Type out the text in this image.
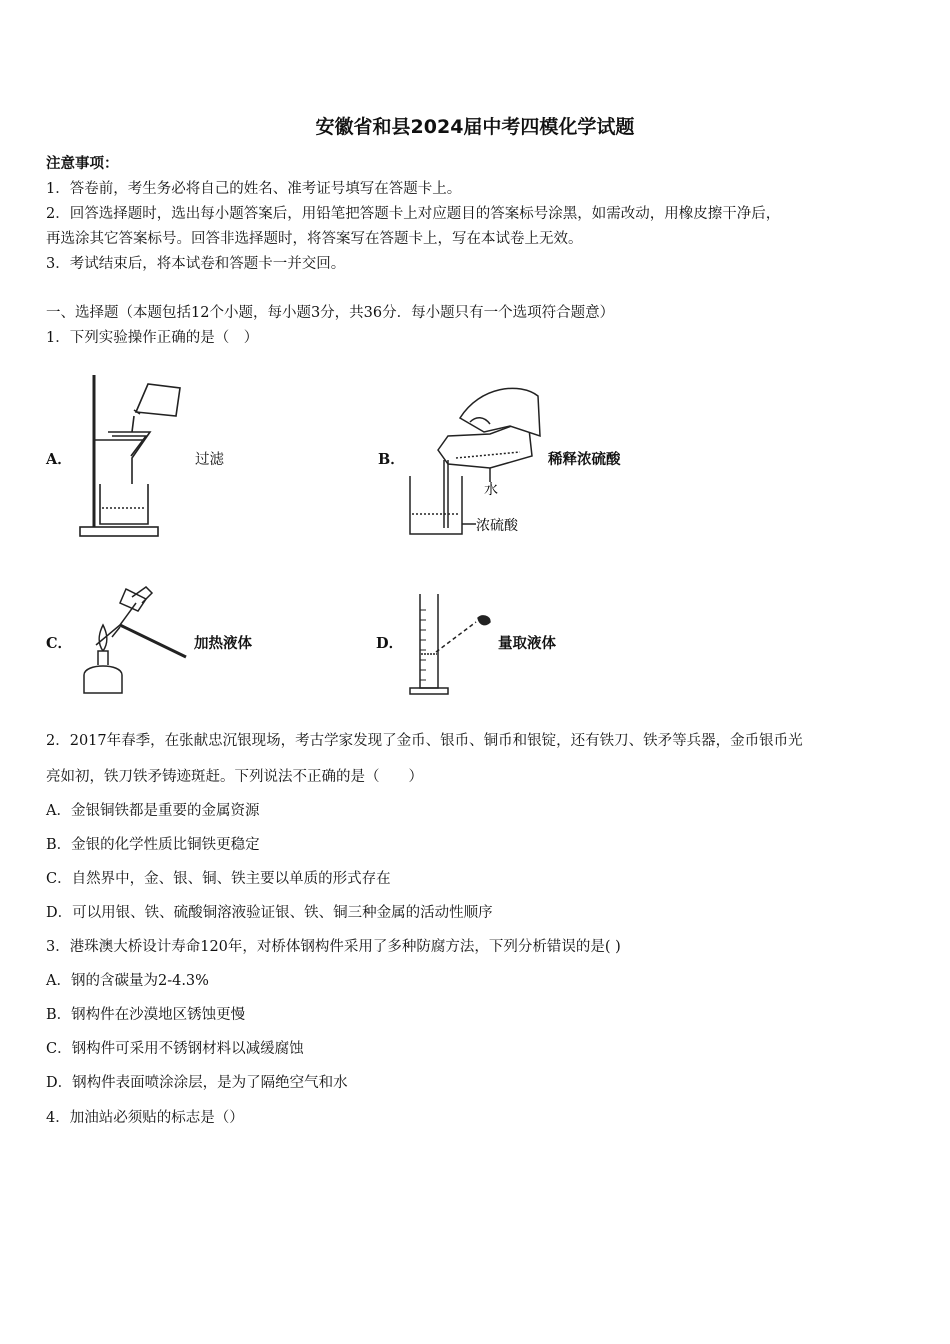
安徽省和县2024届中考四模化学试题
注意事项：
1．答卷前，考生务必将自己的姓名、准考证号填写在答题卡上。
2．回答选择题时，选出每小题答案后，用铅笔把答题卡上对应题目的答案标号涂黑，如需改动，用橡皮擦干净后，
再选涂其它答案标号。回答非选择题时，将答案写在答题卡上，写在本试卷上无效。
3．考试结束后，将本试卷和答题卡一并交回。
一、选择题（本题包括12个小题，每小题3分，共36分．每小题只有一个选项符合题意）
1．下列实验操作正确的是（　）
A．	过滤	B．
水
浓硫酸
稀释浓硫酸
C．	加热液体	D．	量取液体
2．2017年春季，在张献忠沉银现场，考古学家发现了金币、银币、铜币和银锭，还有铁刀、铁矛等兵器，金币银币光
亮如初，铁刀铁矛铸迹斑赶。下列说法不正确的是（　　）
A．金银铜铁都是重要的金属资源
B．金银的化学性质比铜铁更稳定
C．自然界中，金、银、铜、铁主要以单质的形式存在
D．可以用银、铁、硫酸铜溶液验证银、铁、铜三种金属的活动性顺序
3．港珠澳大桥设计寿命120年，对桥体钢构件采用了多种防腐方法，下列分析错误的是( )
A．钢的含碳量为2-4.3%
B．钢构件在沙漠地区锈蚀更慢
C．钢构件可采用不锈钢材料以减缓腐蚀
D．钢构件表面喷涂涂层，是为了隔绝空气和水
4．加油站必须贴的标志是（）
